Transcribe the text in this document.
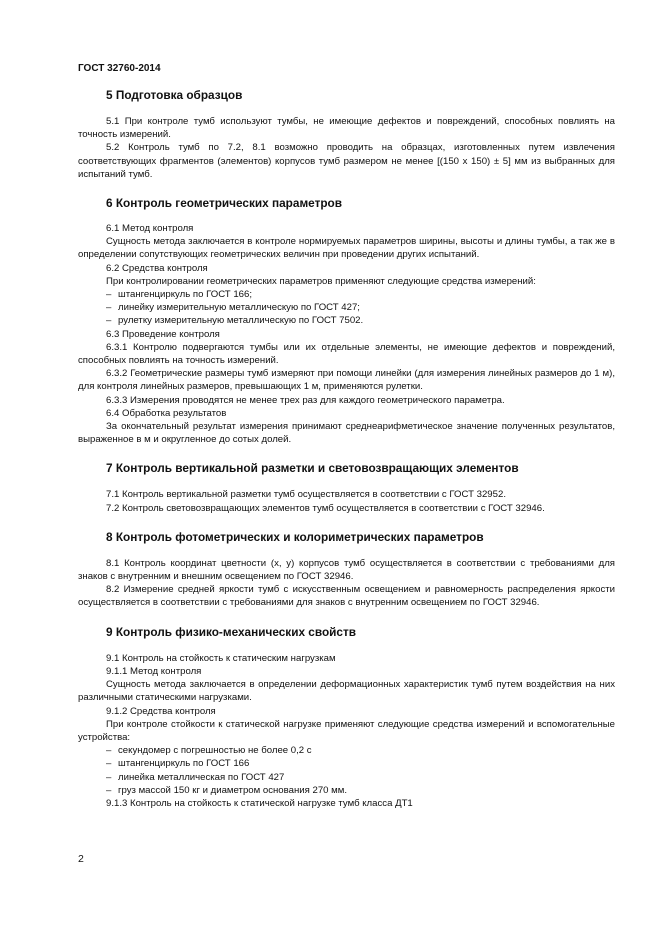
ГОСТ 32760-2014
5 Подготовка образцов

5.1 При контроле тумб используют тумбы, не имеющие дефектов и повреждений, способных повлиять на точность измерений.

5.2 Контроль тумб по 7.2, 8.1 возможно проводить на образцах, изготовленных путем извлечения соответствующих фрагментов (элементов) корпусов тумб размером не менее [(150 х 150) ± 5] мм из выбранных для испытаний тумб.

6 Контроль геометрических параметров

6.1 Метод контроля

Сущность метода заключается в контроле нормируемых параметров ширины, высоты и длины тумбы, а так же в определении сопутствующих геометрических величин при проведении других испытаний.

6.2 Средства контроля

При контролировании геометрических параметров применяют следующие средства измерений:

– штангенциркуль по ГОСТ 166;
– линейку измерительную металлическую по ГОСТ 427;
– рулетку измерительную металлическую по ГОСТ 7502.

6.3 Проведение контроля

6.3.1 Контролю подвергаются тумбы или их отдельные элементы, не имеющие дефектов и повреждений, способных повлиять на точность измерений.

6.3.2 Геометрические размеры тумб измеряют при помощи линейки (для измерения линейных размеров до 1 м), для контроля линейных размеров, превышающих 1 м, применяются рулетки.

6.3.3 Измерения проводятся не менее трех раз для каждого геометрического параметра.

6.4 Обработка результатов

За окончательный результат измерения принимают среднеарифметическое значение полученных результатов, выраженное в м и округленное до сотых долей.

7 Контроль вертикальной разметки и световозвращающих элементов

7.1 Контроль вертикальной разметки тумб осуществляется в соответствии с ГОСТ 32952.

7.2 Контроль световозвращающих элементов тумб осуществляется в соответствии с ГОСТ 32946.

8 Контроль фотометрических и колориметрических параметров

8.1 Контроль координат цветности (x, y) корпусов тумб осуществляется в соответствии с требованиями для знаков с внутренним и внешним освещением по ГОСТ 32946.

8.2 Измерение средней яркости тумб с искусственным освещением и равномерность распределения яркости осуществляется в соответствии с требованиями для знаков с внутренним освещением по ГОСТ 32946.

9 Контроль физико-механических свойств

9.1 Контроль на стойкость к статическим нагрузкам

9.1.1 Метод контроля

Сущность метода заключается в определении деформационных характеристик тумб путем воздействия на них различными статическими нагрузками.

9.1.2 Средства контроля

При контроле стойкости к статической нагрузке применяют следующие средства измерений и вспомогательные устройства:

– секундомер с погрешностью не более 0,2 с
– штангенциркуль по ГОСТ 166
– линейка металлическая по ГОСТ 427
– груз массой 150 кг и диаметром основания 270 мм.

9.1.3 Контроль на стойкость к статической нагрузке тумб класса ДТ1

2
